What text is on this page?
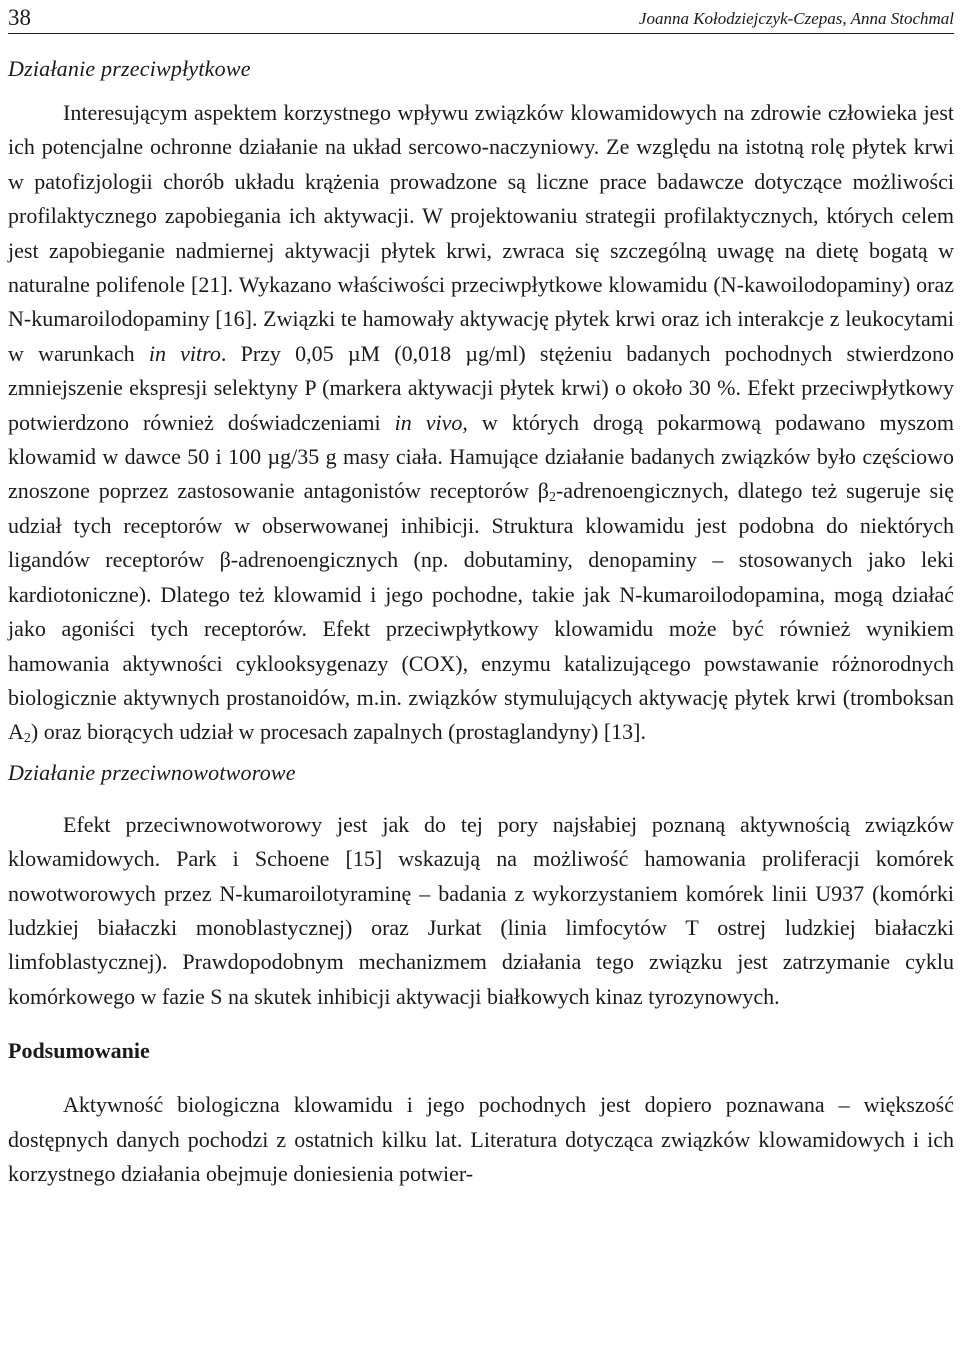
38	Joanna Kołodziejczyk-Czepas, Anna Stochmal
Działanie przeciwpłytkowe

Interesującym aspektem korzystnego wpływu związków klowamidowych na zdrowie człowieka jest ich potencjalne ochronne działanie na układ sercowo-naczyniowy. Ze względu na istotną rolę płytek krwi w patofizjologii chorób układu krążenia prowadzone są liczne prace badawcze dotyczące możliwości profilaktycznego zapobiegania ich aktywacji. W projektowaniu strategii profilaktycznych, których celem jest zapobieganie nadmiernej aktywacji płytek krwi, zwraca się szczególną uwagę na dietę bogatą w naturalne polifenole [21]. Wykazano właściwości przeciwpłytkowe klowamidu (N-kawoilodopaminy) oraz N-kumaroilodopaminy [16]. Związki te hamowały aktywację płytek krwi oraz ich interakcje z leukocytami w warunkach in vitro. Przy 0,05 µM (0,018 µg/ml) stężeniu badanych pochodnych stwierdzono zmniejszenie ekspresji selektyny P (markera aktywacji płytek krwi) o około 30 %. Efekt przeciwpłytkowy potwierdzono również doświadczeniami in vivo, w których drogą pokarmową podawano myszom klowamid w dawce 50 i 100 µg/35 g masy ciała. Hamujące działanie badanych związków było częściowo znoszone poprzez zastosowanie antagonistów receptorów $\beta_2$-adrenoengicznych, dlatego też sugeruje się udział tych receptorów w obserwowanej inhibicji. Struktura klowamidu jest podobna do niektórych ligandów receptorów β-adrenoengicznych (np. dobutaminy, denopaminy – stosowanych jako leki kardiotoniczne). Dlatego też klowamid i jego pochodne, takie jak N-kumaroilodopamina, mogą działać jako agoniści tych receptorów. Efekt przeciwpłytkowy klowamidu może być również wynikiem hamowania aktywności cyklooksygenazy (COX), enzymu katalizującego powstawanie różnorodnych biologicznie aktywnych prostanoidów, m.in. związków stymulujących aktywację płytek krwi (tromboksan $A_2$) oraz biorących udział w procesach zapalnych (prostaglandyny) [13].

Działanie przeciwnowotworowe

Efekt przeciwnowotworowy jest jak do tej pory najsłabiej poznaną aktywnością związków klowamidowych. Park i Schoene [15] wskazują na możliwość hamowania proliferacji komórek nowotworowych przez N-kumaroilotyraminę – badania z wykorzystaniem komórek linii U937 (komórki ludzkiej białaczki monoblastycznej) oraz Jurkat (linia limfocytów T ostrej ludzkiej białaczki limfoblastycznej). Prawdopodobnym mechanizmem działania tego związku jest zatrzymanie cyklu komórkowego w fazie S na skutek inhibicji aktywacji białkowych kinaz tyrozynowych.

Podsumowanie

Aktywność biologiczna klowamidu i jego pochodnych jest dopiero poznawana – większość dostępnych danych pochodzi z ostatnich kilku lat. Literatura dotycząca związków klowamidowych i ich korzystnego działania obejmuje doniesienia potwier-
